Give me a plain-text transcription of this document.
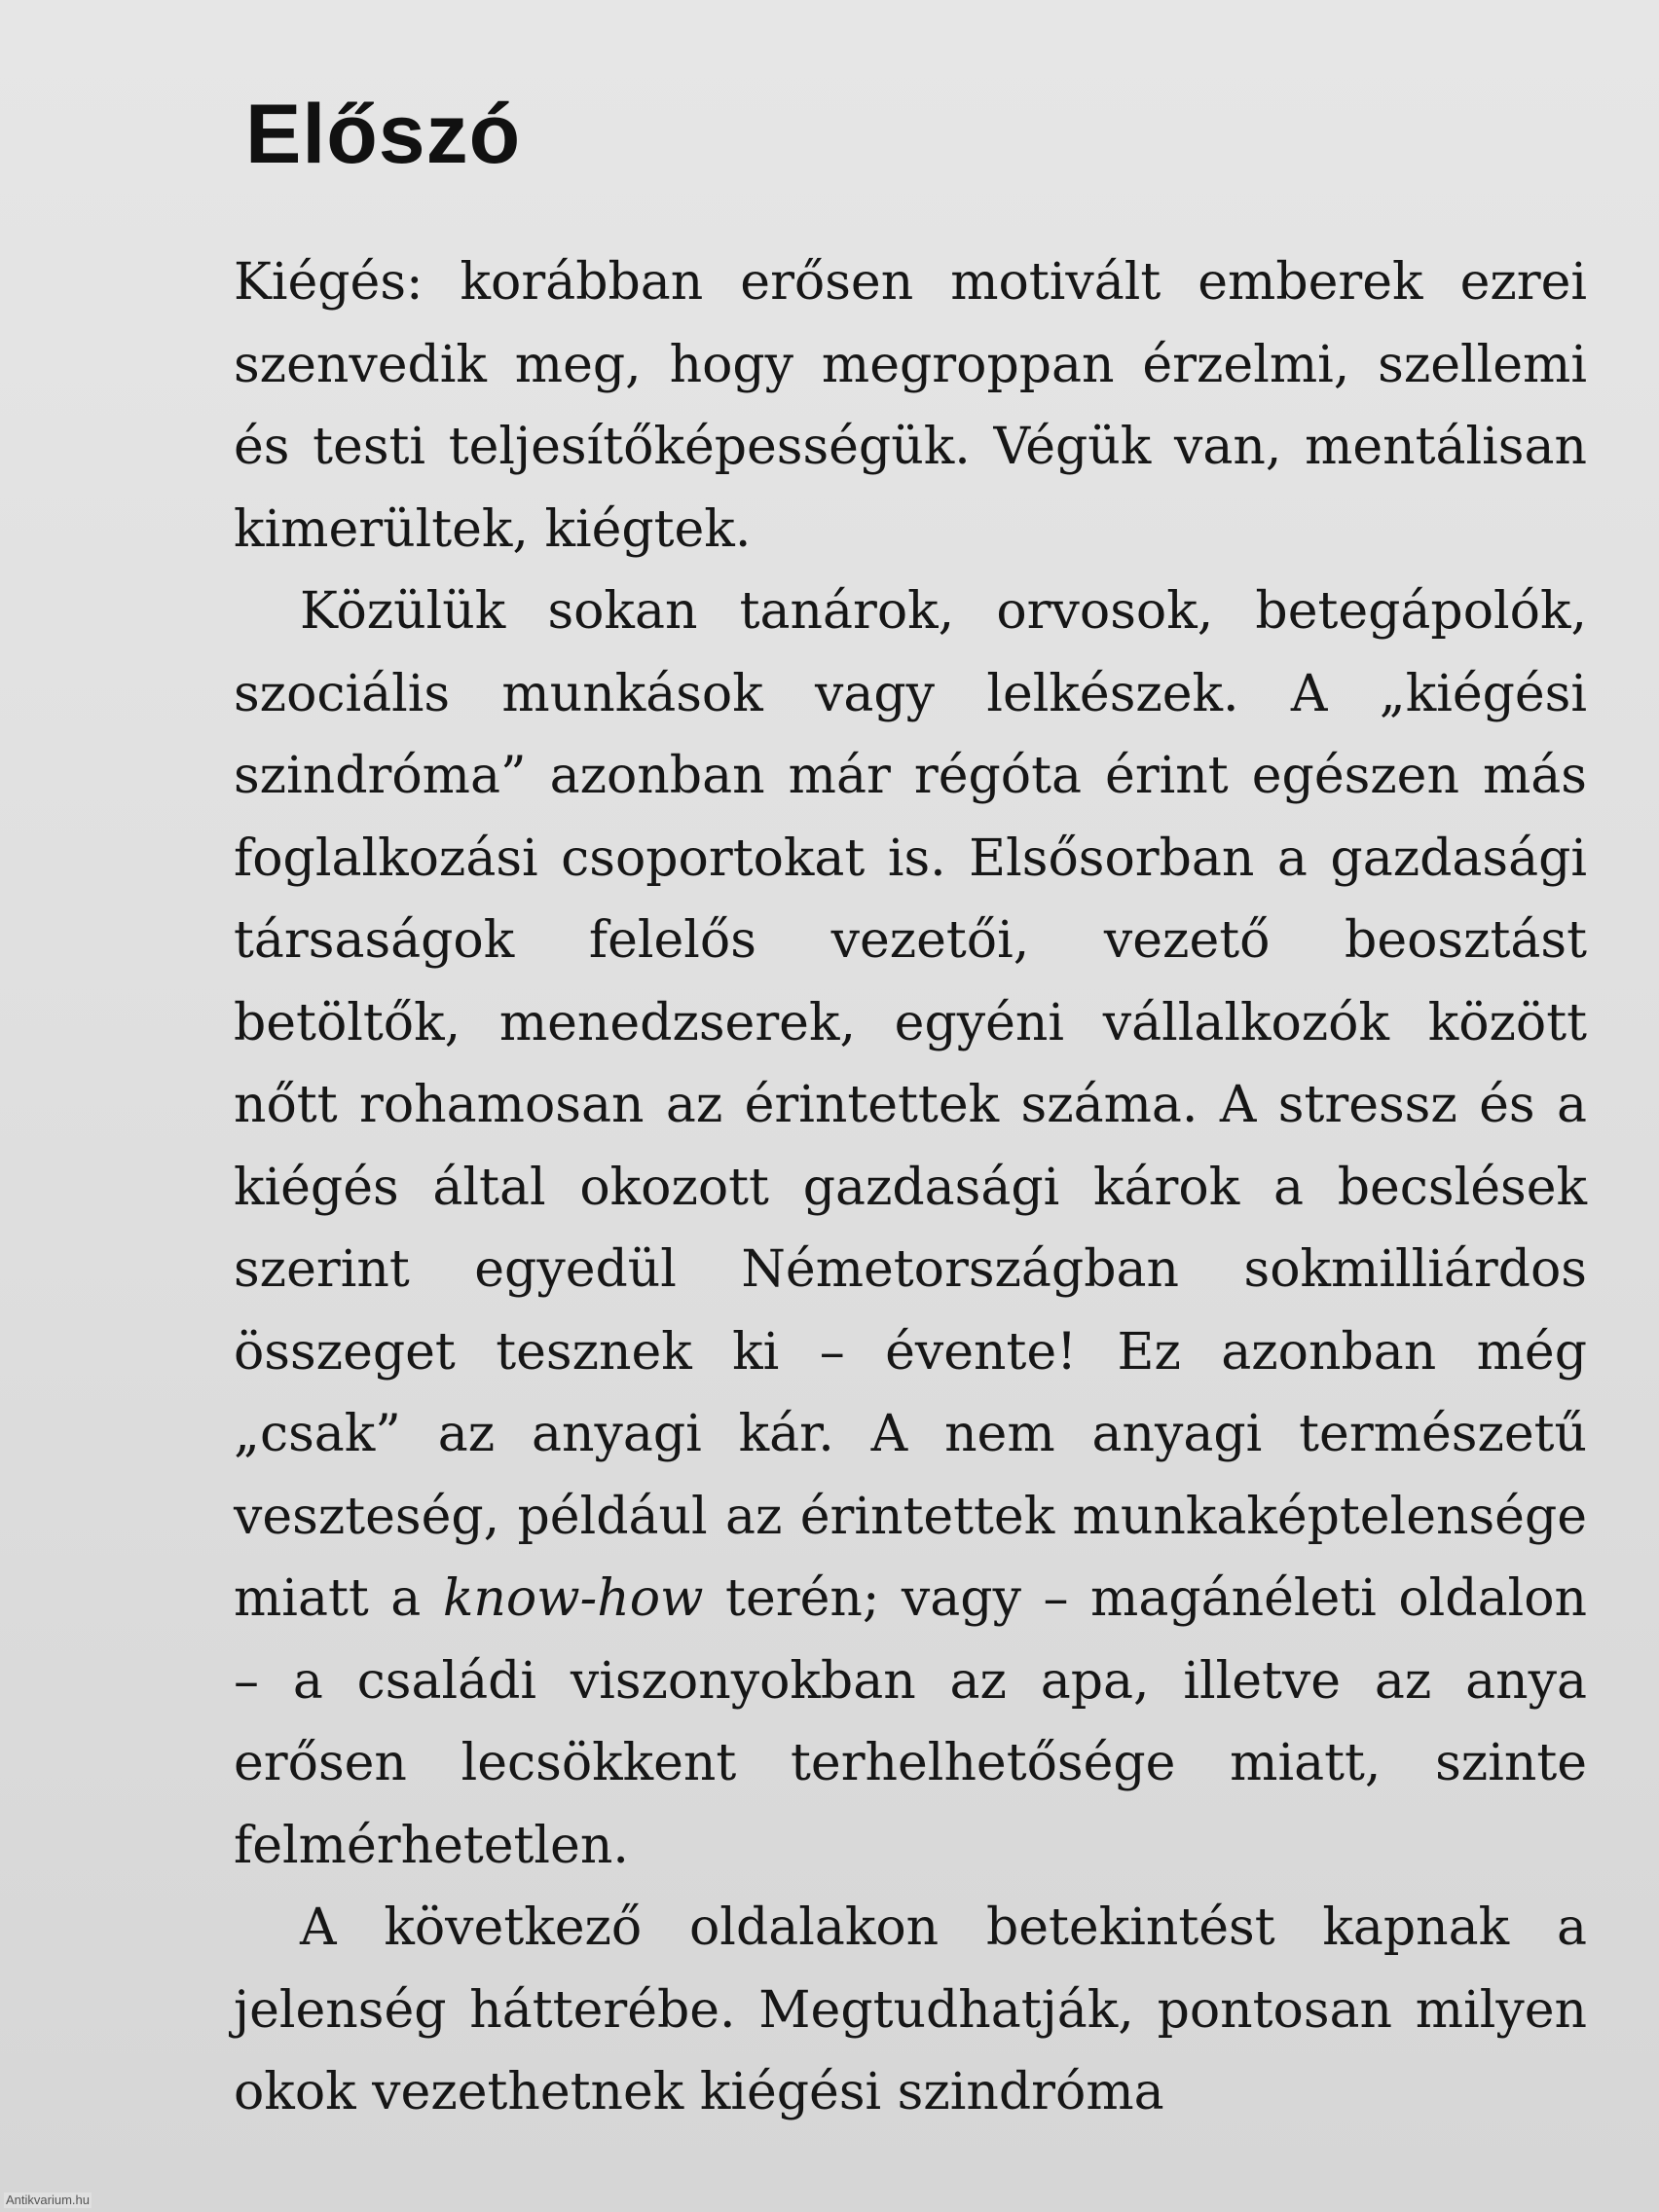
Előszó

Kiégés: korábban erősen motivált emberek ezrei szenvedik meg, hogy megroppan érzelmi, szellemi és testi teljesítőképességük. Végük van, mentálisan kimerültek, kiégtek.

Közülük sokan tanárok, orvosok, betegápolók, szociális munkások vagy lelkészek. A „kiégési szindróma” azonban már régóta érint egészen más foglalkozási csoportokat is. Elsősorban a gazdasági társaságok felelős vezetői, vezető beosztást betöltők, menedzserek, egyéni vállalkozók között nőtt rohamosan az érintettek száma. A stressz és a kiégés által okozott gazdasági károk a becslések szerint egyedül Németországban sokmilliárdos összeget tesznek ki – évente! Ez azonban még „csak” az anyagi kár. A nem anyagi természetű veszteség, például az érintettek munkaképtelensége miatt a know-how terén; vagy – magánéleti oldalon – a családi viszonyokban az apa, illetve az anya erősen lecsökkent terhelhetősége miatt, szinte felmérhetetlen.

A következő oldalakon betekintést kapnak a jelenség hátterébe. Megtudhatják, pontosan milyen okok vezethetnek kiégési szindróma

Antikvarium.hu
